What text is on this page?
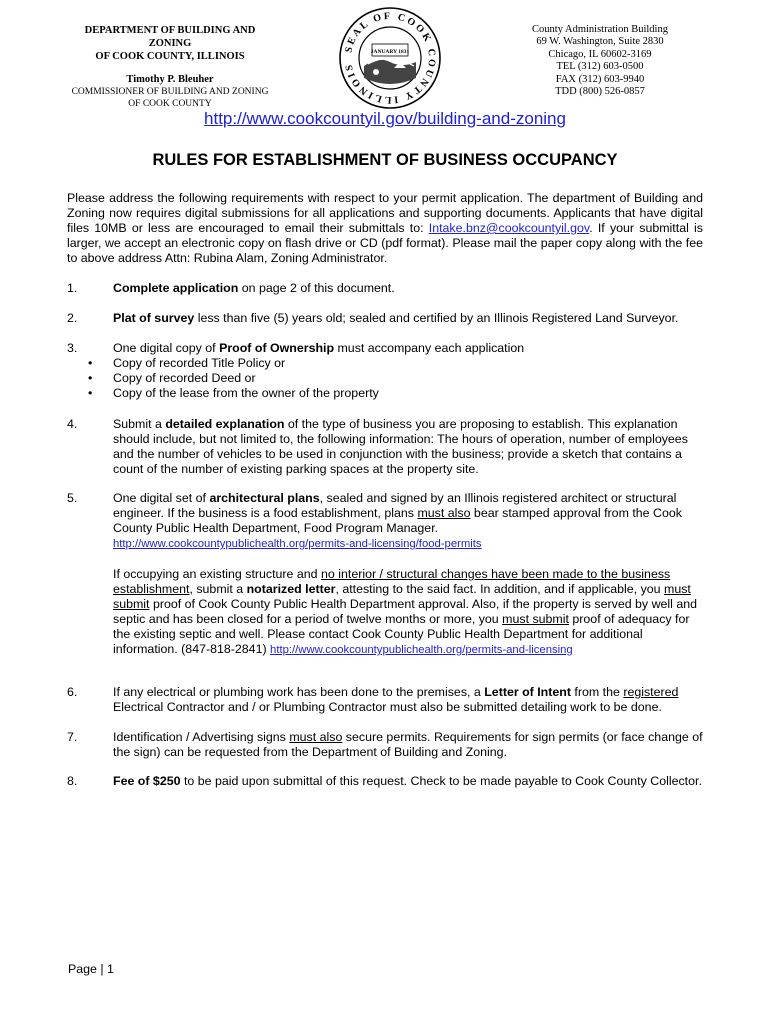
DEPARTMENT OF BUILDING AND
ZONING
OF COOK COUNTY, ILLINOIS
Timothy P. Bleuher
COMMISSIONER OF BUILDING AND ZONING
OF COOK COUNTY
SEAL OF COOK COUNTY ILLINOIS
JANUARY 1831
County Administration Building
69 W. Washington, Suite 2830
Chicago, IL 60602-3169
TEL (312) 603-0500
FAX (312) 603-9940
TDD (800) 526-0857
http://www.cookcountyil.gov/building-and-zoning
RULES FOR ESTABLISHMENT OF BUSINESS OCCUPANCY
Please address the following requirements with respect to your permit application. The department of Building and Zoning now requires digital submissions for all applications and supporting documents. Applicants that have digital files 10MB or less are encouraged to email their submittals to: Intake.bnz@cookcountyil.gov. If your submittal is larger, we accept an electronic copy on flash drive or CD (pdf format). Please mail the paper copy along with the fee to above address Attn: Rubina Alam, Zoning Administrator.
1.	Complete application on page 2 of this document.
2.	Plat of survey less than five (5) years old; sealed and certified by an Illinois Registered Land Surveyor.
3.	One digital copy of Proof of Ownership must accompany each application
• Copy of recorded Title Policy or
• Copy of recorded Deed or
• Copy of the lease from the owner of the property
4.	Submit a detailed explanation of the type of business you are proposing to establish. This explanation should include, but not limited to, the following information: The hours of operation, number of employees and the number of vehicles to be used in conjunction with the business; provide a sketch that contains a count of the number of existing parking spaces at the property site.
5.	One digital set of architectural plans, sealed and signed by an Illinois registered architect or structural engineer. If the business is a food establishment, plans must also bear stamped approval from the Cook County Public Health Department, Food Program Manager.
http://www.cookcountypublichealth.org/permits-and-licensing/food-permits

If occupying an existing structure and no interior / structural changes have been made to the business establishment, submit a notarized letter, attesting to the said fact. In addition, and if applicable, you must submit proof of Cook County Public Health Department approval. Also, if the property is served by well and septic and has been closed for a period of twelve months or more, you must submit proof of adequacy for the existing septic and well. Please contact Cook County Public Health Department for additional information. (847-818-2841) http://www.cookcountypublichealth.org/permits-and-licensing
6.	If any electrical or plumbing work has been done to the premises, a Letter of Intent from the registered Electrical Contractor and / or Plumbing Contractor must also be submitted detailing work to be done.
7.	Identification / Advertising signs must also secure permits. Requirements for sign permits (or face change of the sign) can be requested from the Department of Building and Zoning.
8.	Fee of $250 to be paid upon submittal of this request. Check to be made payable to Cook County Collector.
Page | 1
